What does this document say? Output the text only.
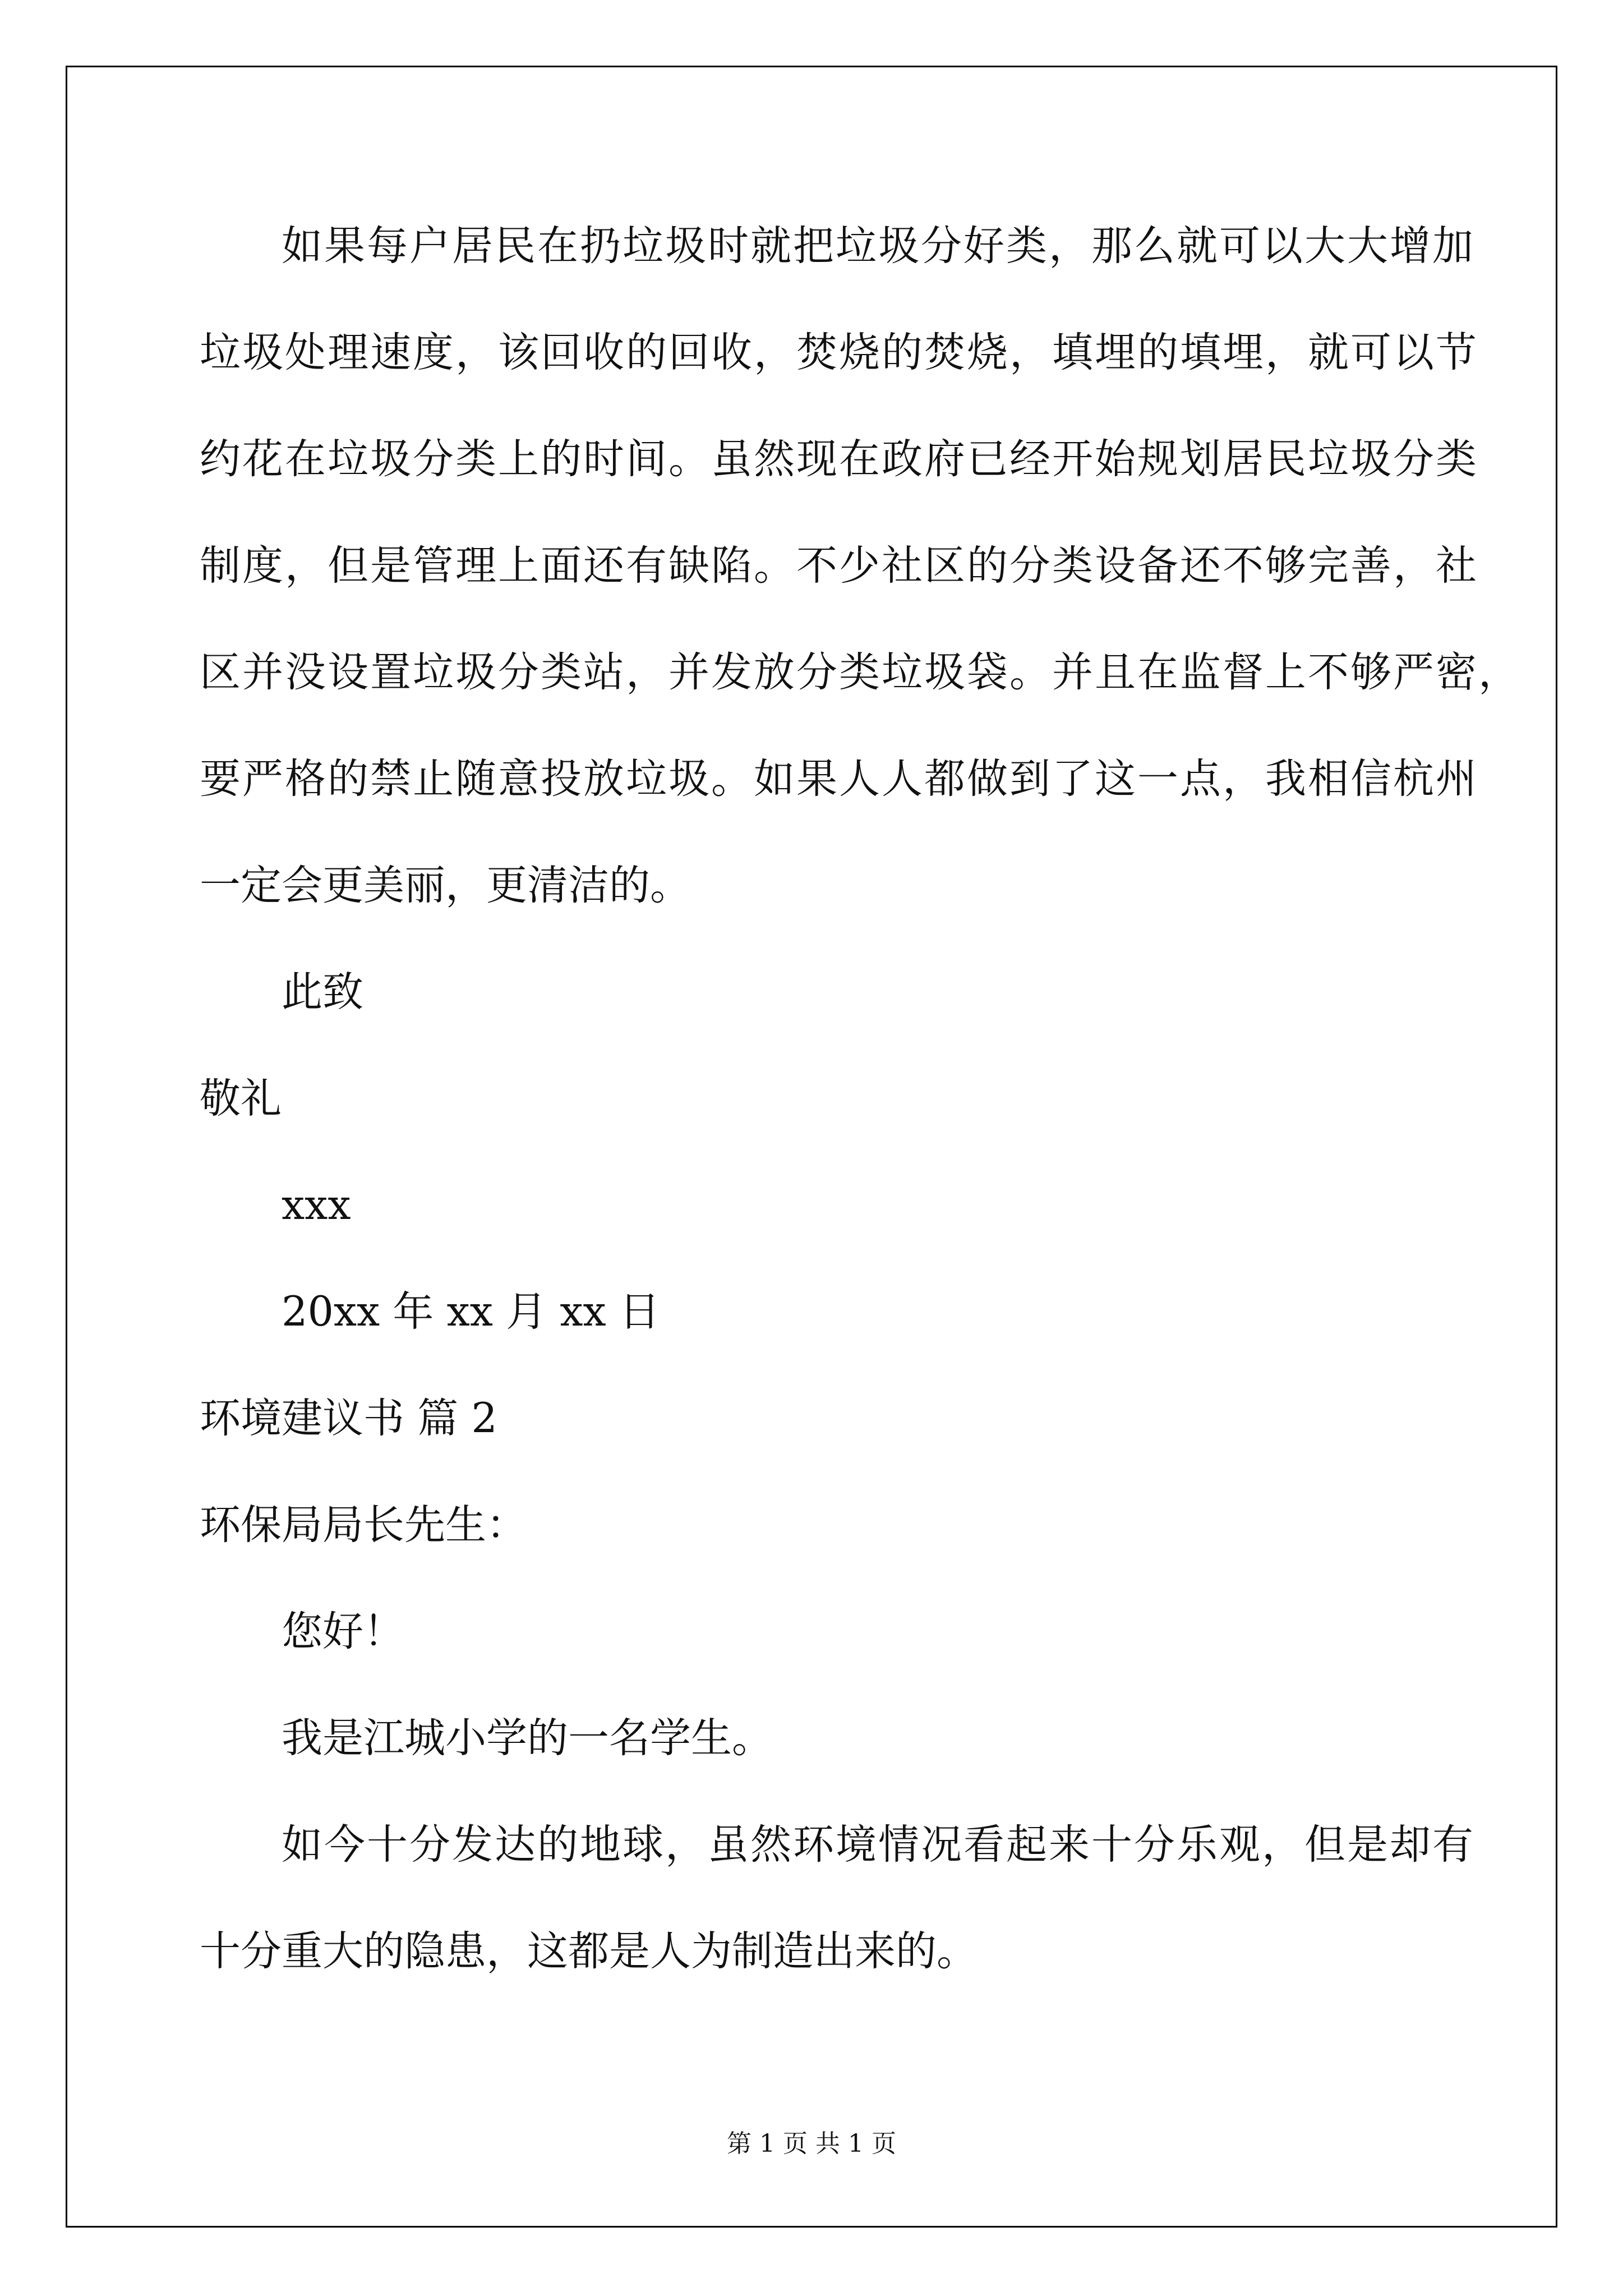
如果每户居民在扔垃圾时就把垃圾分好类，那么就可以大大增加
垃圾处理速度，该回收的回收，焚烧的焚烧，填埋的填埋，就可以节
约花在垃圾分类上的时间。虽然现在政府已经开始规划居民垃圾分类
制度，但是管理上面还有缺陷。不少社区的分类设备还不够完善，社
区并没设置垃圾分类站，并发放分类垃圾袋。并且在监督上不够严密，
要严格的禁止随意投放垃圾。如果人人都做到了这一点，我相信杭州
一定会更美丽，更清洁的。
此致
敬礼
xxx
20xx 年 xx 月 xx 日
环境建议书 篇 2
环保局局长先生：
您好！
我是江城小学的一名学生。
如今十分发达的地球，虽然环境情况看起来十分乐观，但是却有
十分重大的隐患，这都是人为制造出来的。
第 1 页 共 1 页
